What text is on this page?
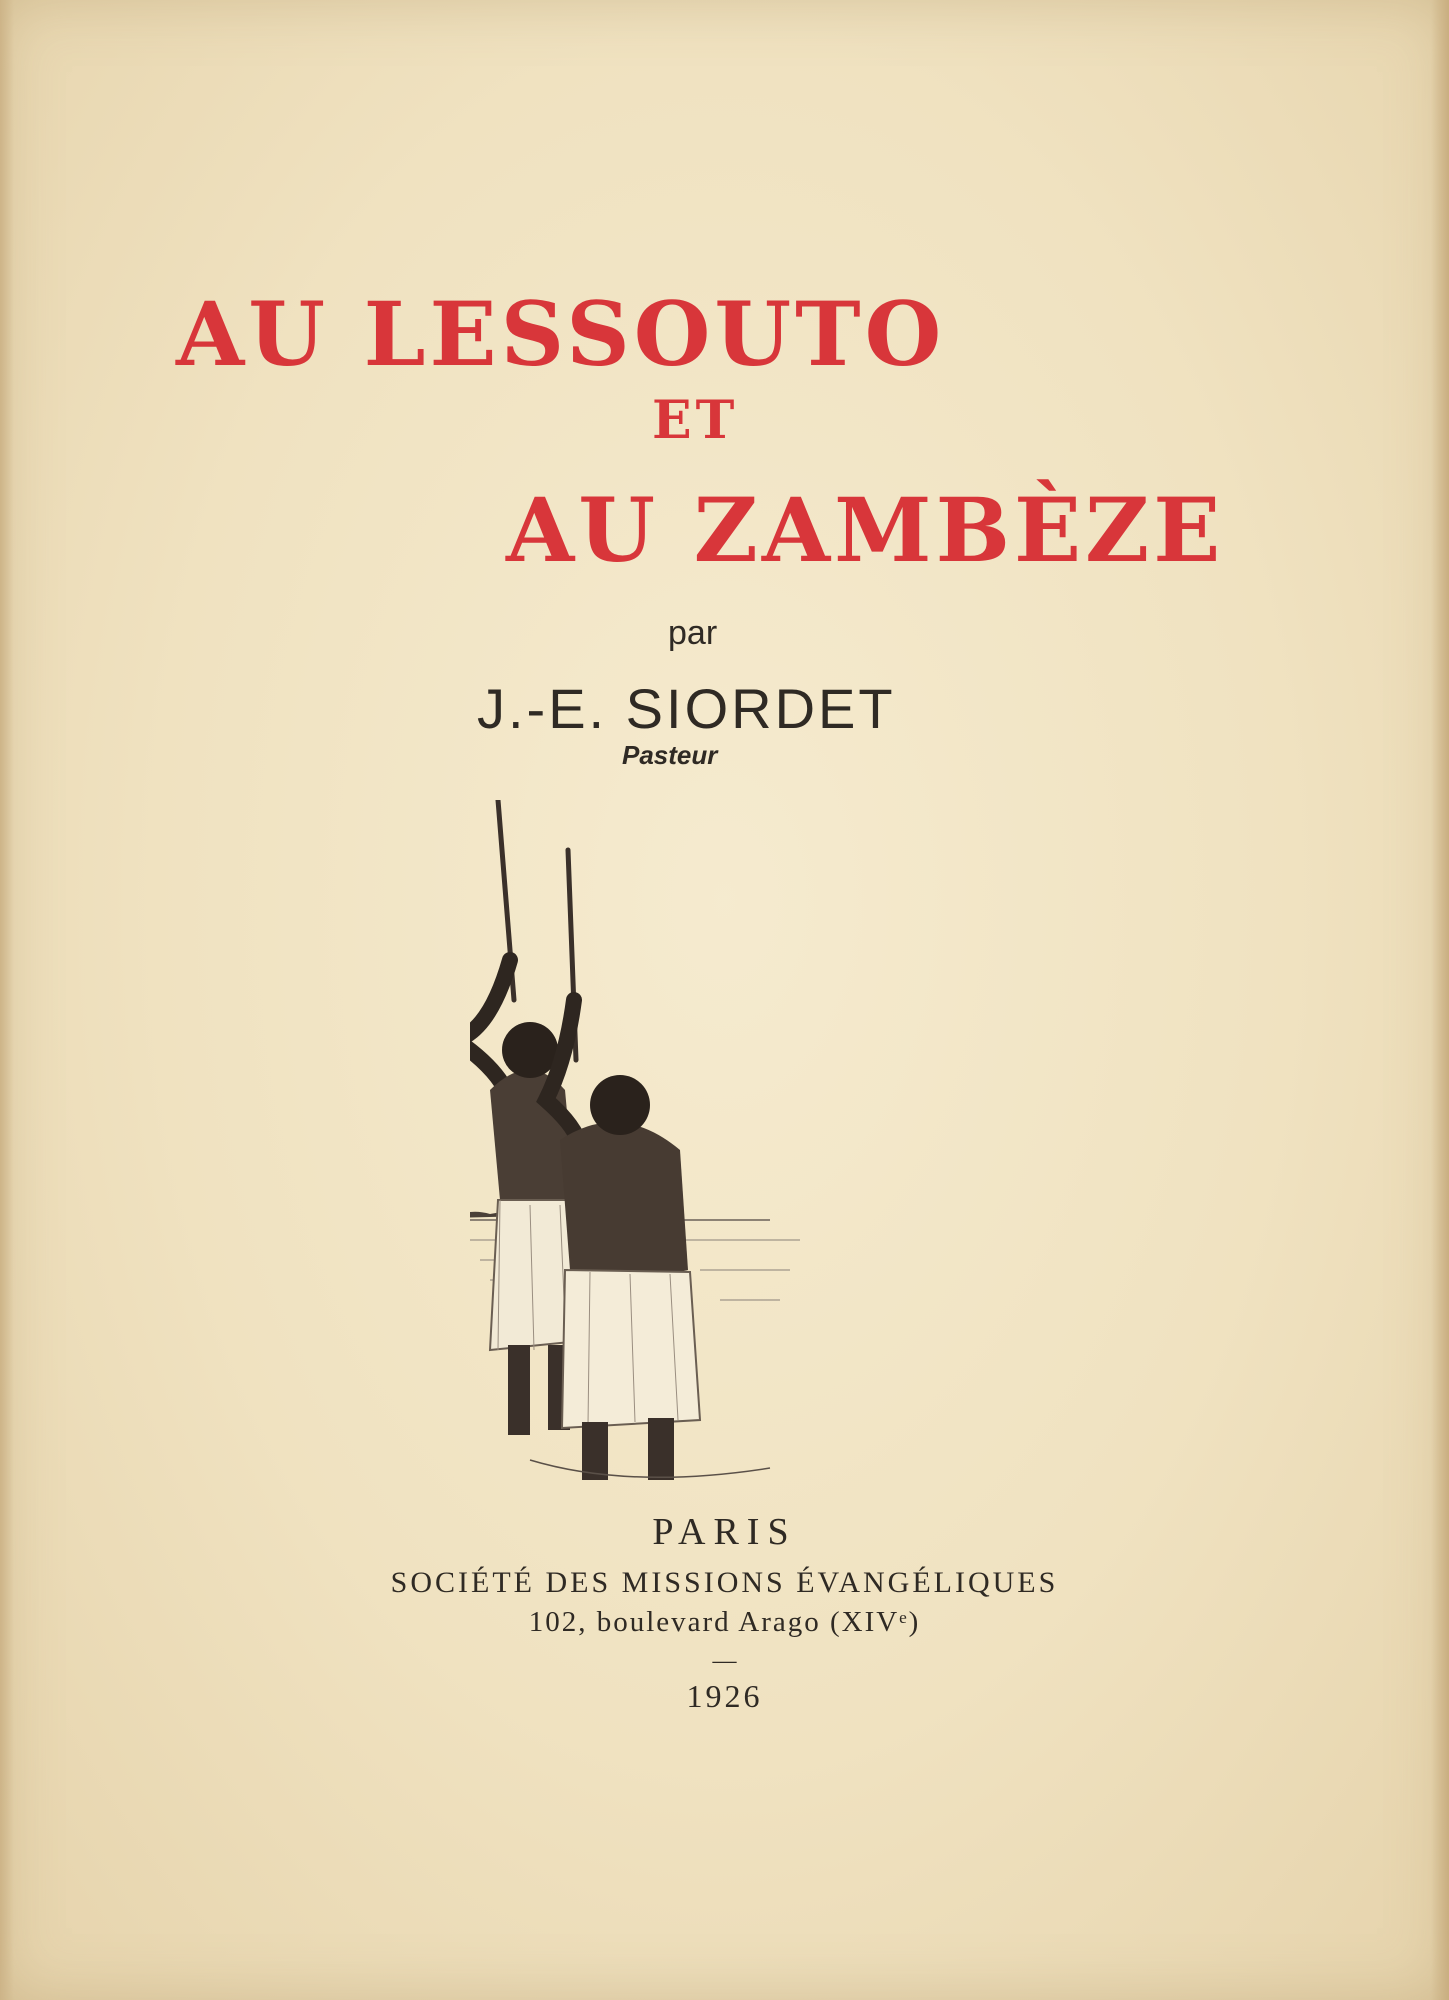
AU LESSOUTO
ET
AU ZAMBÈZE
par
J.-E. SIORDET
Pasteur
PARIS
SOCIÉTÉ DES MISSIONS ÉVANGÉLIQUES
102, boulevard Arago (XIVᵉ)
—
1926
